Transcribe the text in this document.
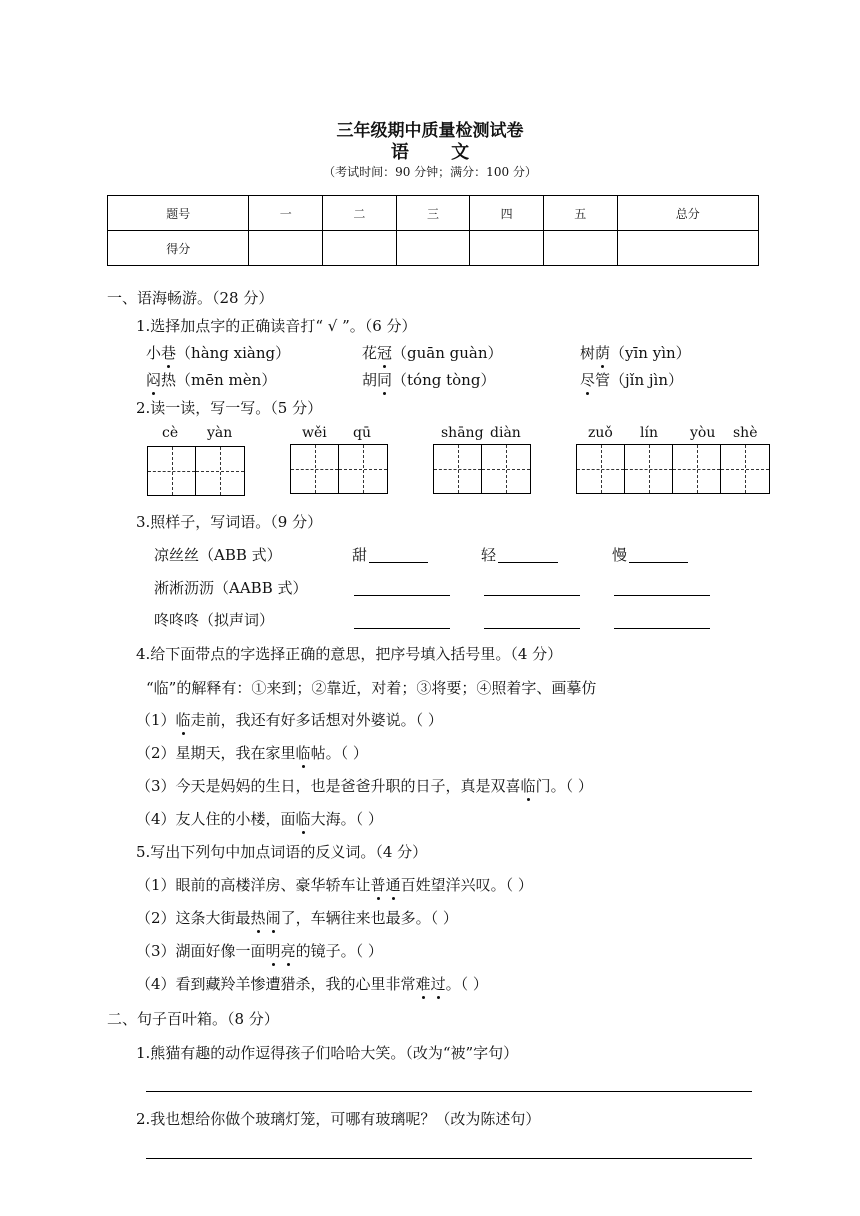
三年级期中质量检测试卷
语 文
（考试时间：90 分钟；满分：100 分）
题号	一	二	三	四	五	总分
得分						
一、语海畅游。（28 分）
1.选择加点字的正确读音打“ √ ”。（6 分）
小巷（hàng xiàng）	花冠（guān guàn）	树荫（yīn yìn）
闷热（mēn mèn）	胡同（tóng tòng）	尽管（jǐn jìn）
2.读一读，写一写。（5 分）
cè yàn	wěi qū	shāng diàn	zuǒ lín yòu shè
3.照样子，写词语。（9 分）
凉丝丝（ABB 式）	甜	轻	慢
淅淅沥沥（AABB 式）
咚咚咚（拟声词）
4.给下面带点的字选择正确的意思，把序号填入括号里。（4 分）
“临”的解释有：①来到；②靠近，对着；③将要；④照着字、画摹仿
（1）临走前，我还有好多话想对外婆说。（ ）
（2）星期天，我在家里临帖。（ ）
（3）今天是妈妈的生日，也是爸爸升职的日子，真是双喜临门。（ ）
（4）友人住的小楼，面临大海。（ ）
5.写出下列句中加点词语的反义词。（4 分）
（1）眼前的高楼洋房、豪华轿车让普通百姓望洋兴叹。（ ）
（2）这条大街最热闹了，车辆往来也最多。（ ）
（3）湖面好像一面明亮的镜子。（ ）
（4）看到藏羚羊惨遭猎杀，我的心里非常难过。（ ）
二、句子百叶箱。（8 分）
1.熊猫有趣的动作逗得孩子们哈哈大笑。（改为“被”字句）
2.我也想给你做个玻璃灯笼，可哪有玻璃呢？（改为陈述句）
